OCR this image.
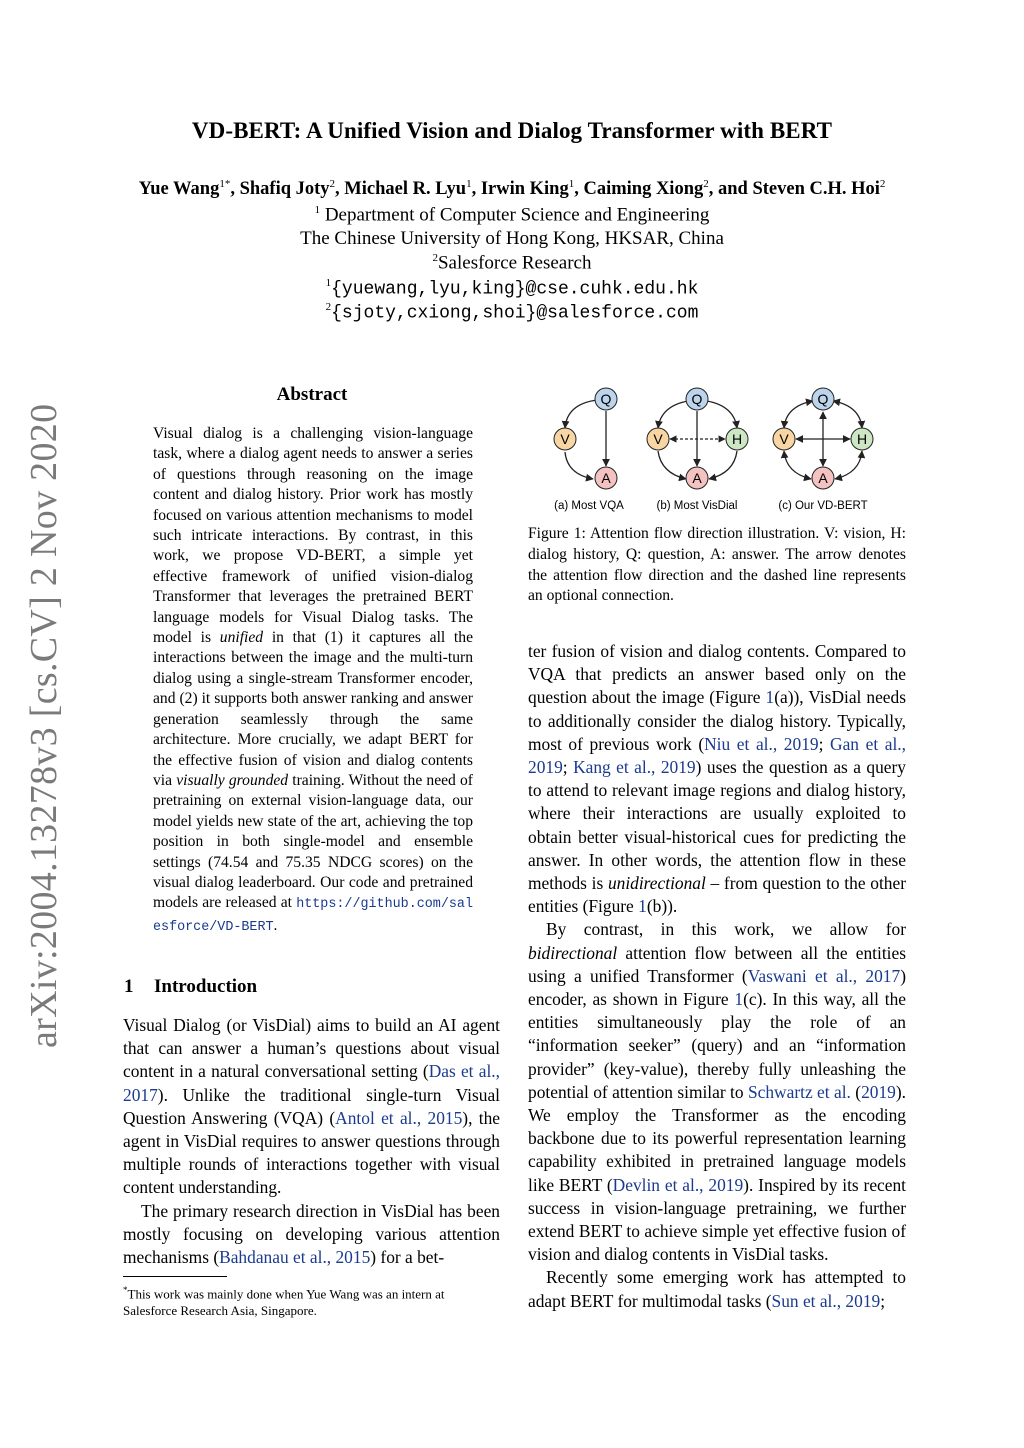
VD-BERT: A Unified Vision and Dialog Transformer with BERT
Yue Wang$^{1*}$, Shafiq Joty$^2$, Michael R. Lyu$^1$, Irwin King$^1$, Caiming Xiong$^2$, and Steven C.H. Hoi$^2$
$^1$ Department of Computer Science and Engineering
The Chinese University of Hong Kong, HKSAR, China
$^2$Salesforce Research
$^1${yuewang,lyu,king}@cse.cuhk.edu.hk
$^2${sjoty,cxiong,shoi}@salesforce.com
arXiv:2004.13278v3 [cs.CV] 2 Nov 2020
Abstract
Visual dialog is a challenging vision-language task, where a dialog agent needs to answer a series of questions through reasoning on the image content and dialog history. Prior work has mostly focused on various attention mechanisms to model such intricate interactions. By contrast, in this work, we propose VD-BERT, a simple yet effective framework of unified vision-dialog Transformer that leverages the pretrained BERT language models for Visual Dialog tasks. The model is unified in that (1) it captures all the interactions between the image and the multi-turn dialog using a single-stream Transformer encoder, and (2) it supports both answer ranking and answer generation seamlessly through the same architecture. More crucially, we adapt BERT for the effective fusion of vision and dialog contents via visually grounded training. Without the need of pretraining on external vision-language data, our model yields new state of the art, achieving the top position in both single-model and ensemble settings (74.54 and 75.35 NDCG scores) on the visual dialog leaderboard. Our code and pretrained models are released at https://github.com/salesforce/VD-BERT.
1 Introduction

Visual Dialog (or VisDial) aims to build an AI agent that can answer a human’s questions about visual content in a natural conversational setting (Das et al., 2017). Unlike the traditional single-turn Visual Question Answering (VQA) (Antol et al., 2015), the agent in VisDial requires to answer questions through multiple rounds of interactions together with visual content understanding.

The primary research direction in VisDial has been mostly focusing on developing various attention mechanisms (Bahdanau et al., 2015) for a bet-

*This work was mainly done when Yue Wang was an intern at Salesforce Research Asia, Singapore.
Q
V
A
(a) Most VQA
Q
V	H
A
(b) Most VisDial
Q
V	H
A
(c) Our VD-BERT
Figure 1: Attention flow direction illustration. V: vision, H: dialog history, Q: question, A: answer. The arrow denotes the attention flow direction and the dashed line represents an optional connection.

ter fusion of vision and dialog contents. Compared to VQA that predicts an answer based only on the question about the image (Figure 1(a)), VisDial needs to additionally consider the dialog history. Typically, most of previous work (Niu et al., 2019; Gan et al., 2019; Kang et al., 2019) uses the question as a query to attend to relevant image regions and dialog history, where their interactions are usually exploited to obtain better visual-historical cues for predicting the answer. In other words, the attention flow in these methods is unidirectional – from question to the other entities (Figure 1(b)).

By contrast, in this work, we allow for bidirectional attention flow between all the entities using a unified Transformer (Vaswani et al., 2017) encoder, as shown in Figure 1(c). In this way, all the entities simultaneously play the role of an “information seeker” (query) and an “information provider” (key-value), thereby fully unleashing the potential of attention similar to Schwartz et al. (2019). We employ the Transformer as the encoding backbone due to its powerful representation learning capability exhibited in pretrained language models like BERT (Devlin et al., 2019). Inspired by its recent success in vision-language pretraining, we further extend BERT to achieve simple yet effective fusion of vision and dialog contents in VisDial tasks.

Recently some emerging work has attempted to adapt BERT for multimodal tasks (Sun et al., 2019;
